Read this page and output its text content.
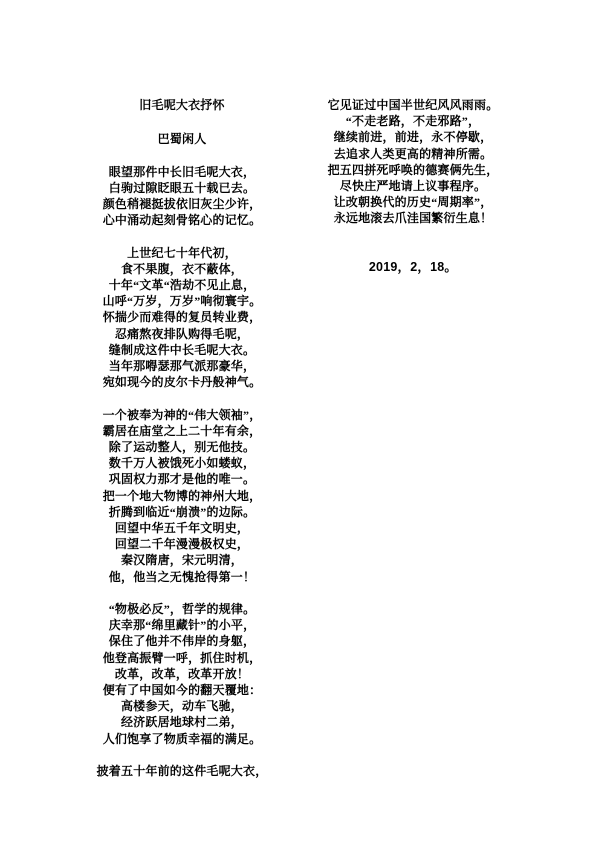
旧毛呢大衣抒怀
巴蜀闲人
眼望那件中长旧毛呢大衣，
白驹过隙眨眼五十载已去。
颜色稍褪挺拔依旧灰尘少许，
心中涌动起刻骨铭心的记忆。
上世纪七十年代初，
食不果腹，衣不蔽体，
十年“文革“浩劫不见止息，
山呼“万岁，万岁”响彻寰宇。
怀揣少而难得的复员转业费，
忍痛熬夜排队购得毛呢，
缝制成这件中长毛呢大衣。
当年那嘚瑟那气派那豪华，
宛如现今的皮尔卡丹般神气。
一个被奉为神的“伟大领袖”，
霸居在庙堂之上二十年有余，
除了运动整人，别无他技。
数千万人被饿死小如蝼蚁，
巩固权力那才是他的唯一。
把一个地大物博的神州大地，
折腾到临近“崩溃”的边际。
回望中华五千年文明史，
回望二千年漫漫极权史，
秦汉隋唐，宋元明清，
他，他当之无愧抢得第一！
“物极必反”，哲学的规律。
庆幸那“绵里藏针”的小平，
保住了他并不伟岸的身躯，
他登高振臂一呼，抓住时机，
改革，改革，改革开放！
便有了中国如今的翻天覆地：
高楼参天，动车飞驰，
经济跃居地球村二弟，
人们饱享了物质幸福的满足。
披着五十年前的这件毛呢大衣，
它见证过中国半世纪风风雨雨。
“不走老路，不走邪路”，
继续前进，前进，永不停歇，
去追求人类更高的精神所需。
把五四拼死呼唤的德赛俩先生，
尽快庄严地请上议事程序。
让改朝换代的历史“周期率”，
永远地滚去爪洼国繁衍生息！
2019，2，18。
